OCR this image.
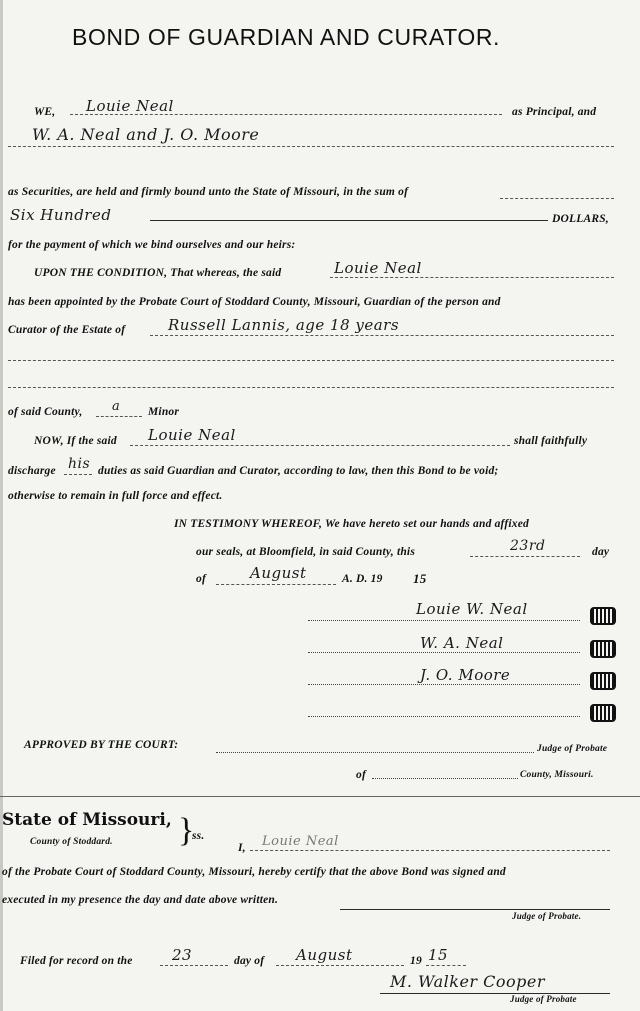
BOND OF GUARDIAN AND CURATOR.
WE, Louie Neal	as Principal, and
W. A. Neal and J. O. Moore
as Securities, are held and firmly bound unto the State of Missouri, in the sum of
Six Hundred	DOLLARS,
for the payment of which we bind ourselves and our heirs:
UPON THE CONDITION, That whereas, the said	Louie Neal
has been appointed by the Probate Court of Stoddard County, Missouri, Guardian of the person and
Curator of the Estate of	Russell Lannis, age 18 years
of said County, a Minor
NOW, If the said Louie Neal	shall faithfully
discharge his duties as said Guardian and Curator, according to law, then this Bond to be void;
otherwise to remain in full force and effect.
IN TESTIMONY WHEREOF, We have hereto set our hands and affixed
our seals, at Bloomfield, in said County, this	23rd	day
of	August	A. D. 19 15
Louie W. Neal
W. A. Neal
J. O. Moore
APPROVED BY THE COURT:	Judge of Probate
of	County, Missouri.
State of Missouri,
County of Stoddard. }
ss.
I, Louie Neal
of the Probate Court of Stoddard County, Missouri, hereby certify that the above Bond was signed and
executed in my presence the day and date above written.
Judge of Probate.
Filed for record on the	23	day of August	19 15
M. Walker Cooper
Judge of Probate
